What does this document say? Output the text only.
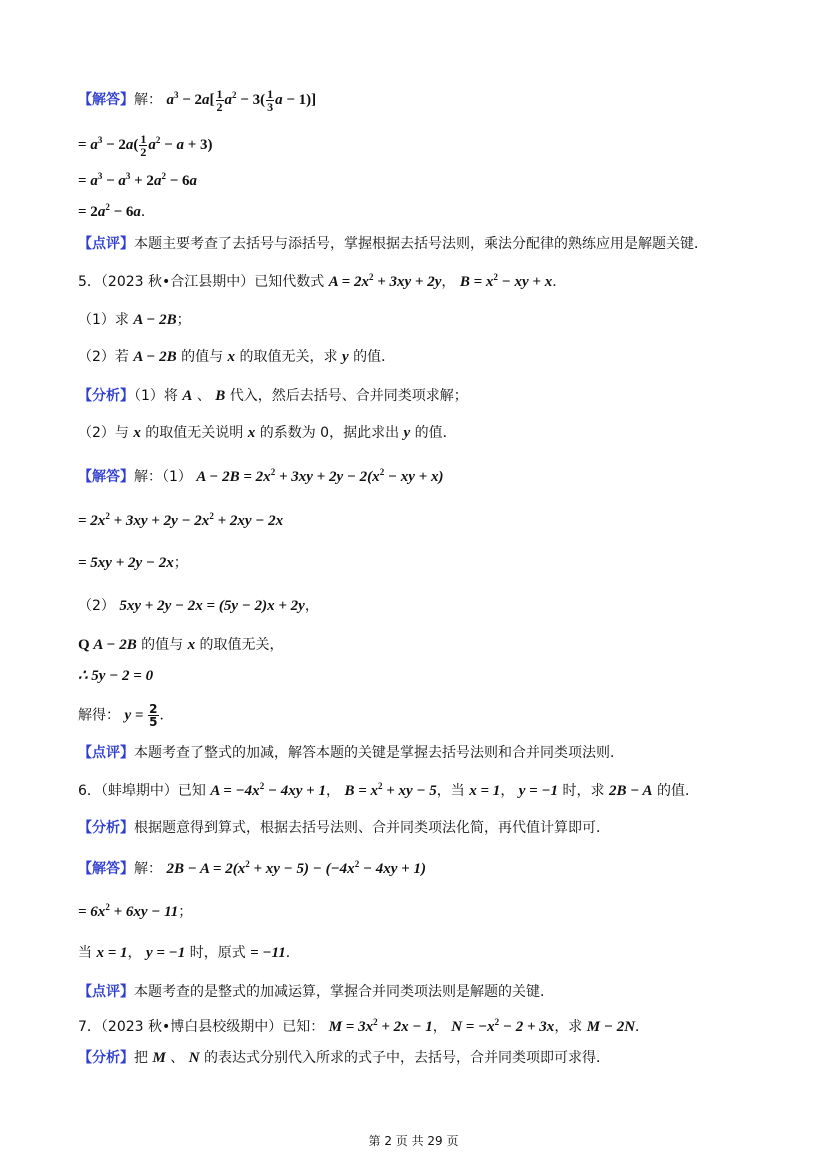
【解答】解： $a^3 - 2a[ \frac{1}{2} a^2 - 3( \frac{1}{3}$ a − 1)]
= $a^3 - 2a( \frac{1}{2} a^2 - a + 3)$
= $a^3 - a^3 + 2a^2 - 6a$
= $2a^2 - 6a$．
【点评】本题主要考查了去括号与添括号，掌握根据去括号法则，乘法分配律的熟练应用是解题关键．
5．（2023 秋•合江县期中）已知代数式 $A = 2x^2 + 3xy + 2y$， $B = x^2$ − xy + x．
（1）求 A − 2B；
（2）若 A − 2B 的值与 x 的取值无关，求 y 的值．
【分析】（1）将 A 、 B 代入，然后去括号、合并同类项求解；
（2）与 x 的取值无关说明 x 的系数为 0，据此求出 y 的值．
【解答】解：（1） $A - 2B = 2x^2 + 3xy + 2y - 2(x^2$ − xy + x)
= $2x^2 + 3xy + 2y - 2x^2 + 2xy - 2x$
= 5xy + 2y − 2x；
（2） 5xy + 2y − 2x = (5y − 2)x + 2y，
Q A − 2B 的值与 x 的取值无关，
∴ 5y − 2 = 0
解得： $y = \frac{2}{5}$ ．
【点评】本题考查了整式的加减，解答本题的关键是掌握去括号法则和合并同类项法则．
6．（蚌埠期中）已知 $A = -4x^2 - 4xy + 1$， $B = x^2$ + xy − 5，当 x = 1， y = −1 时，求 2B − A 的值．
【分析】根据题意得到算式，根据去括号法则、合并同类项法化简，再代值计算即可．
【解答】解： $2B - A = 2(x^2$ + xy − $5) - (-4x^2 - 4xy + 1)$
= $6x^2 + 6xy - 11$；
当 x = 1， y = −1 时，原式 = −11．
【点评】本题考查的是整式的加减运算，掌握合并同类项法则是解题的关键．
7．（2023 秋•博白县校级期中）已知： $M = 3x^2 + 2x - 1$， $N = -x^2 - 2 + 3x$，求 M − 2N．
【分析】把 M 、 N 的表达式分别代入所求的式子中，去括号，合并同类项即可求得．
第 2 页 共 29 页
